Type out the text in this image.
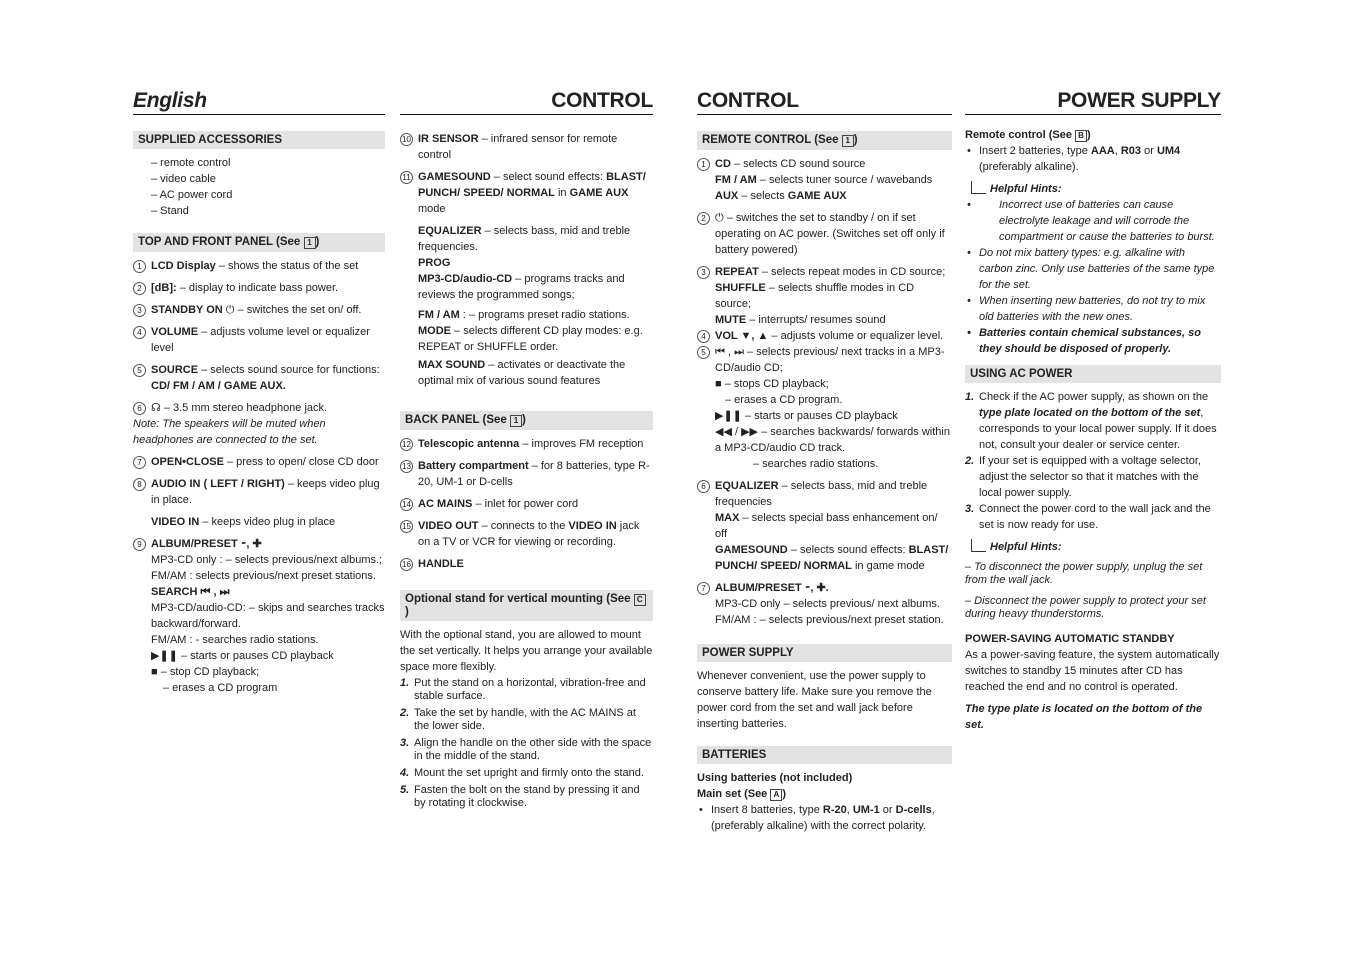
English
SUPPLIED ACCESSORIES
– remote control
– video cable
– AC power cord
– Stand
TOP AND FRONT PANEL (See 1 )
1 LCD Display – shows the status of the set
2 [dB]: – display to indicate bass power.
3 STANDBY ON ⏻ – switches the set on/ off.
4 VOLUME – adjusts volume level or equalizer level
5 SOURCE – selects sound source for functions:
CD/ FM / AM / GAME AUX.
6 ☊ – 3.5 mm stereo headphone jack.
Note: The speakers will be muted when headphones are connected to the set.
7 OPEN•CLOSE – press to open/ close CD door
8 AUDIO IN ( LEFT / RIGHT) – keeps video plug in place.
VIDEO IN – keeps video plug in place
9 ALBUM/PRESET ⁃, ✚
MP3-CD only : – selects previous/next albums.;
FM/AM : selects previous/next preset stations.
SEARCH ⏮ , ⏭
MP3-CD/audio-CD: – skips and searches tracks backward/forward.
FM/AM : - searches radio stations.
▶❚❚ – starts or pauses CD playback
■ – stop CD playback;
– erases a CD program
CONTROL
10 IR SENSOR – infrared sensor for remote control
11 GAMESOUND – select sound effects: BLAST/ PUNCH/ SPEED/ NORMAL in GAME AUX mode
EQUALIZER – selects bass, mid and treble frequencies.
PROG
MP3-CD/audio-CD – programs tracks and reviews the programmed songs;
FM / AM : – programs preset radio stations.
MODE – selects different CD play modes: e.g. REPEAT or SHUFFLE order.
MAX SOUND – activates or deactivate the optimal mix of various sound features
BACK PANEL (See 1 )
12 Telescopic antenna – improves FM reception
13 Battery compartment – for 8 batteries, type R-20, UM-1 or D-cells
14 AC MAINS – inlet for power cord
15 VIDEO OUT – connects to the VIDEO IN jack on a TV or VCR for viewing or recording.
16 HANDLE
Optional stand for vertical mounting (See C)
With the optional stand, you are allowed to mount the set vertically. It helps you arrange your available space more flexibly.
1. Put the stand on a horizontal, vibration-free and stable surface.
2. Take the set by handle, with the AC MAINS at the lower side.
3. Align the handle on the other side with the space in the middle of the stand.
4. Mount the set upright and firmly onto the stand.
5. Fasten the bolt on the stand by pressing it and by rotating it clockwise.
CONTROL
REMOTE CONTROL (See 1 )
1 CD – selects CD sound source
FM / AM – selects tuner source / wavebands
AUX – selects GAME AUX
2 ⏻ – switches the set to standby / on if set operating on AC power. (Switches set off only if battery powered)
3 REPEAT – selects repeat modes in CD source;
SHUFFLE – selects shuffle modes in CD source;
MUTE – interrupts/ resumes sound
4 VOL ▼, ▲ – adjusts volume or equalizer level.
5 ⏮ , ⏭ – selects previous/ next tracks in a MP3-CD/audio CD;
■ – stops CD playback;
– erases a CD program.
▶❚❚ – starts or pauses CD playback
◀◀ / ▶▶ – searches backwards/ forwards within a MP3-CD/audio CD track.
– searches radio stations.
6 EQUALIZER – selects bass, mid and treble frequencies
MAX – selects special bass enhancement on/ off
GAMESOUND – selects sound effects: BLAST/ PUNCH/ SPEED/ NORMAL in game mode
7 ALBUM/PRESET ⁃, ✚.
MP3-CD only – selects previous/ next albums.
FM/AM : – selects previous/next preset station.
POWER SUPPLY
Whenever convenient, use the power supply to conserve battery life. Make sure you remove the power cord from the set and wall jack before inserting batteries.
BATTERIES
Using batteries (not included)
Main set (See A )
• Insert 8 batteries, type R-20, UM-1 or D-cells, (preferably alkaline) with the correct polarity.
POWER SUPPLY
Remote control (See B )
• Insert 2 batteries, type AAA, R03 or UM4 (preferably alkaline).
Helpful Hints:
• Incorrect use of batteries can cause electrolyte leakage and will corrode the compartment or cause the batteries to burst.
• Do not mix battery types: e.g. alkaline with carbon zinc. Only use batteries of the same type for the set.
• When inserting new batteries, do not try to mix old batteries with the new ones.
• Batteries contain chemical substances, so they should be disposed of properly.
USING AC POWER
1. Check if the AC power supply, as shown on the type plate located on the bottom of the set, corresponds to your local power supply. If it does not, consult your dealer or service center.
2. If your set is equipped with a voltage selector, adjust the selector so that it matches with the local power supply.
3. Connect the power cord to the wall jack and the set is now ready for use.
Helpful Hints:
– To disconnect the power supply, unplug the set from the wall jack.
– Disconnect the power supply to protect your set during heavy thunderstorms.
POWER-SAVING AUTOMATIC STANDBY
As a power-saving feature, the system automatically switches to standby 15 minutes after CD has reached the end and no control is operated.
The type plate is located on the bottom of the set.
